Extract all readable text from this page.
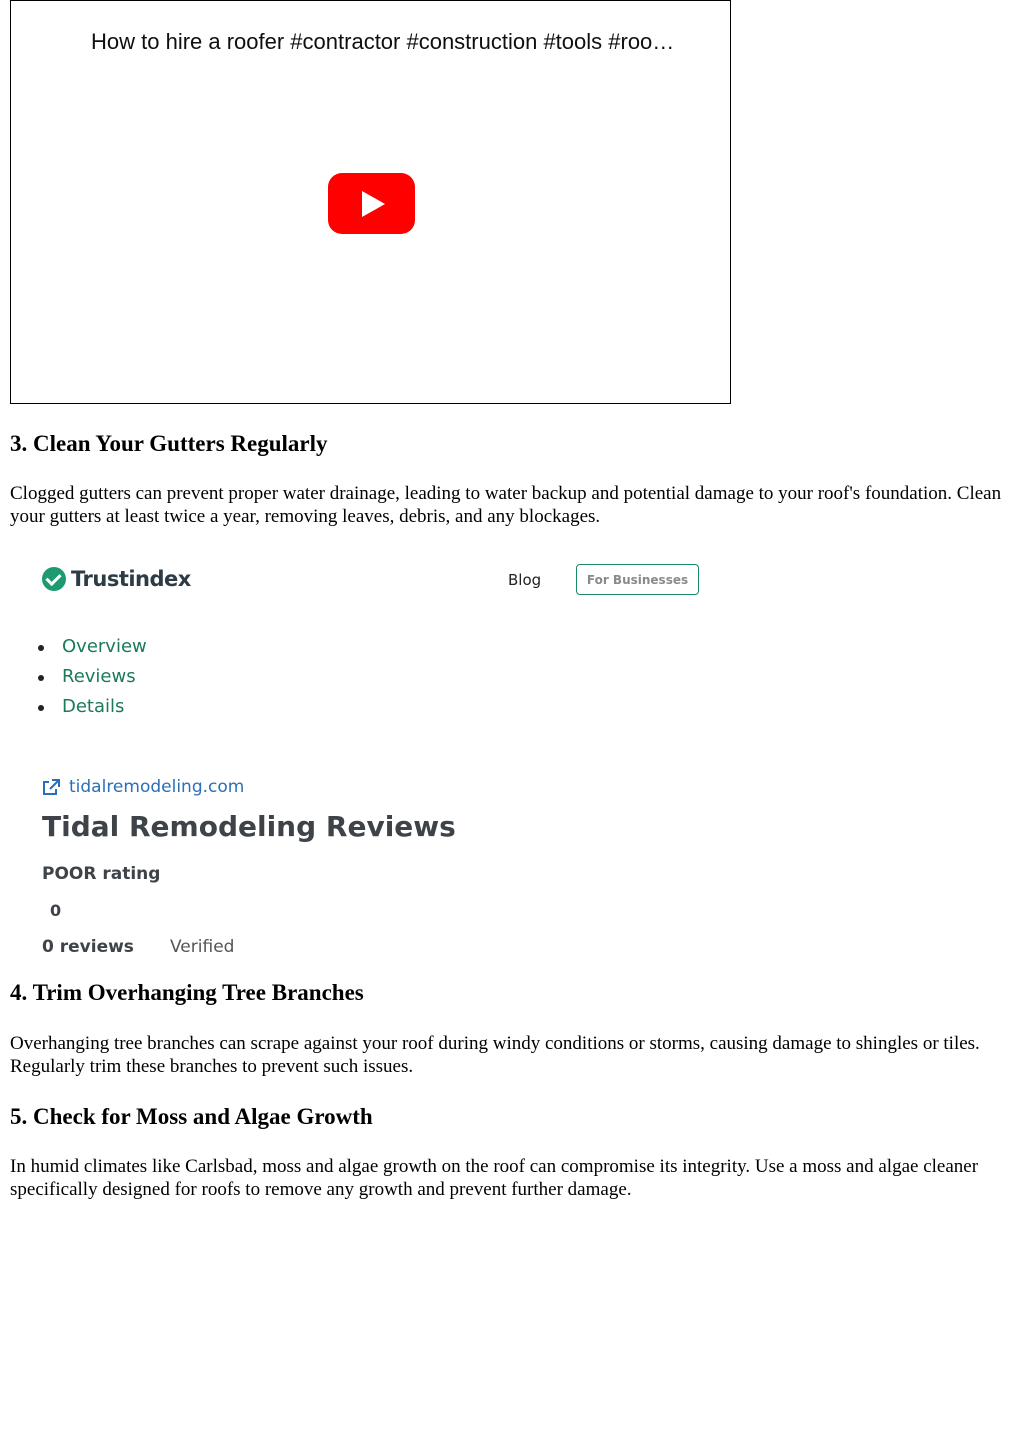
How to hire a roofer #contractor #construction #tools #roo…
3. Clean Your Gutters Regularly

Clogged gutters can prevent proper water drainage, leading to water backup and potential damage to your roof's foundation. Clean your gutters at least twice a year, removing leaves, debris, and any blockages.

Trustindex	Blog	For Businesses
Overview
Reviews
Details
tidalremodeling.com
Tidal Remodeling Reviews
POOR rating
0
0 reviews Verified
4. Trim Overhanging Tree Branches

Overhanging tree branches can scrape against your roof during windy conditions or storms, causing damage to shingles or tiles. Regularly trim these branches to prevent such issues.

5. Check for Moss and Algae Growth

In humid climates like Carlsbad, moss and algae growth on the roof can compromise its integrity. Use a moss and algae cleaner specifically designed for roofs to remove any growth and prevent further damage.
